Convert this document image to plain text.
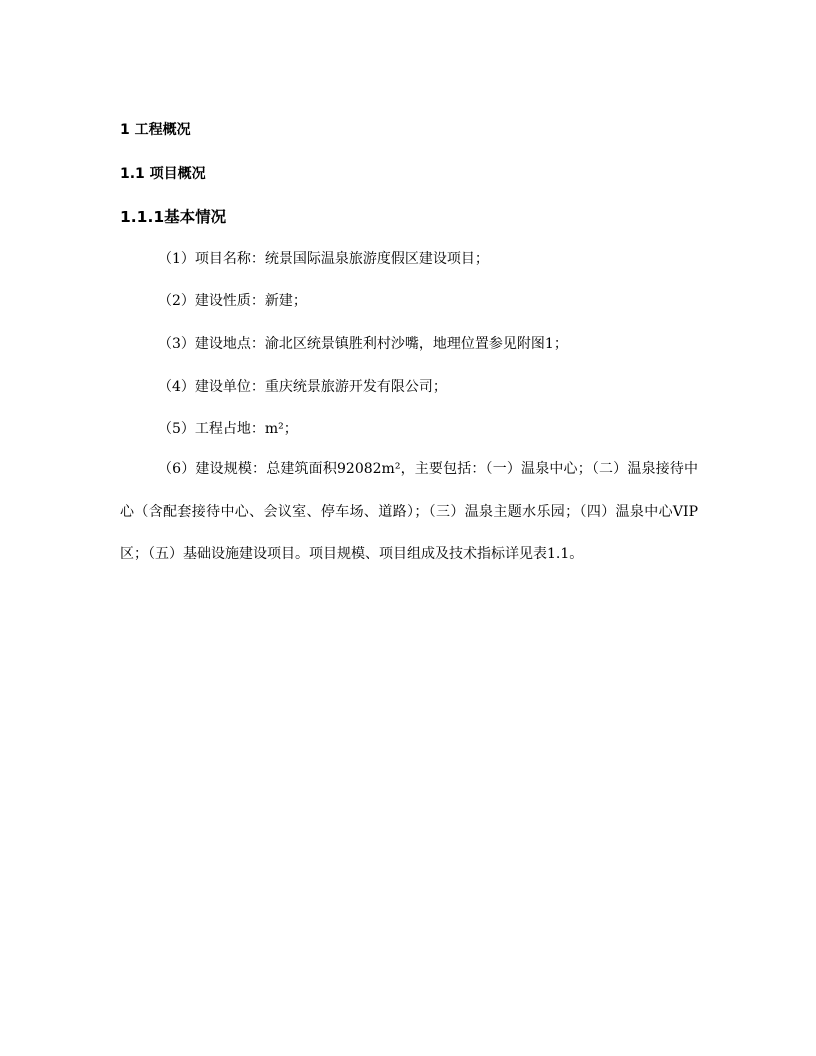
1 工程概况
1.1 项目概况
1.1.1基本情况
（1）项目名称：统景国际温泉旅游度假区建设项目；
（2）建设性质：新建；
（3）建设地点：渝北区统景镇胜利村沙嘴，地理位置参见附图1；
（4）建设单位：重庆统景旅游开发有限公司；
（5）工程占地：m²；
（6）建设规模：总建筑面积92082m²，主要包括：（一）温泉中心；（二）温泉接待中心（含配套接待中心、会议室、停车场、道路）；（三）温泉主题水乐园；（四）温泉中心VIP区；（五）基础设施建设项目。项目规模、项目组成及技术指标详见表1.1。
